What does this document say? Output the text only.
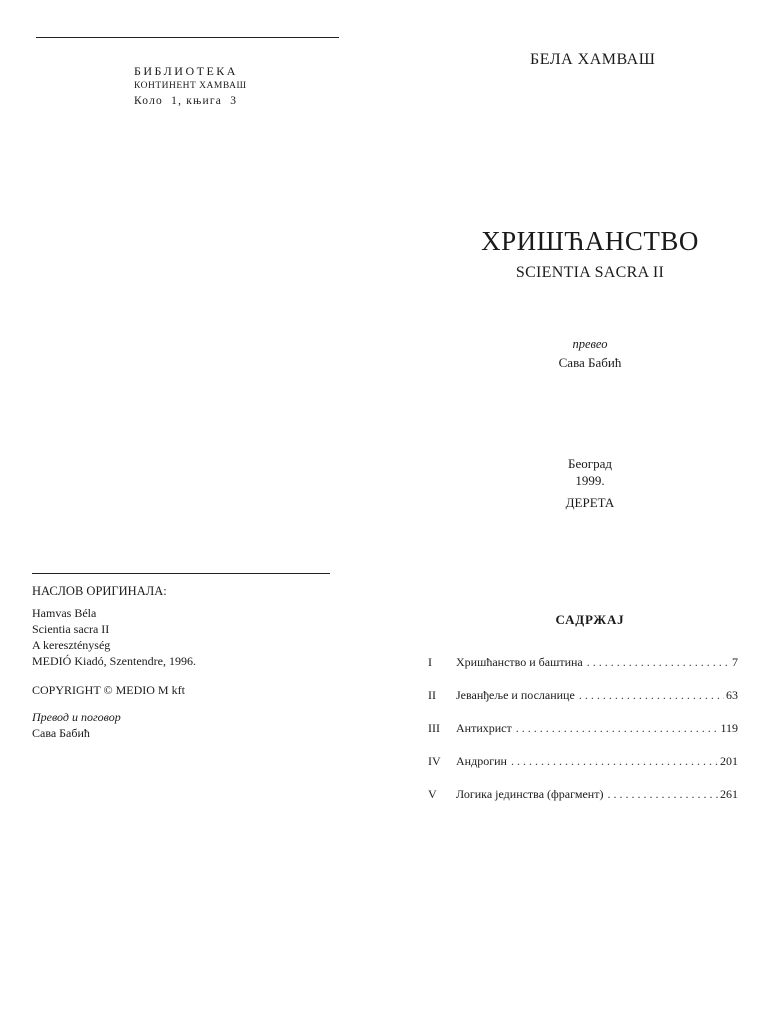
БИБЛИОТЕКА
КОНТИНЕНТ ХАМВАШ
Коло  1, књига  3
БЕЛА ХАМВАШ
ХРИШЋАНСТВО
SCIENTIA SACRA II
превео
Сава Бабић
Београд
1999.
ДЕРЕТА
НАСЛОВ ОРИГИНАЛА:
Hamvas Béla
Scientia sacra II
A kereszténység
MEDIÓ Kiadó, Szentendre, 1996.
COPYRIGHT © MEDIO M kft
Превод и поговор
Сава Бабић
САДРЖАЈ
I	Хришћанство и баштина . . .	7
II	Јеванђеље и посланице . . .	63
III	Антихрист . . .	119
IV	Андрогин . . .	201
V	Логика јединства (фрагмент) . . .	261
